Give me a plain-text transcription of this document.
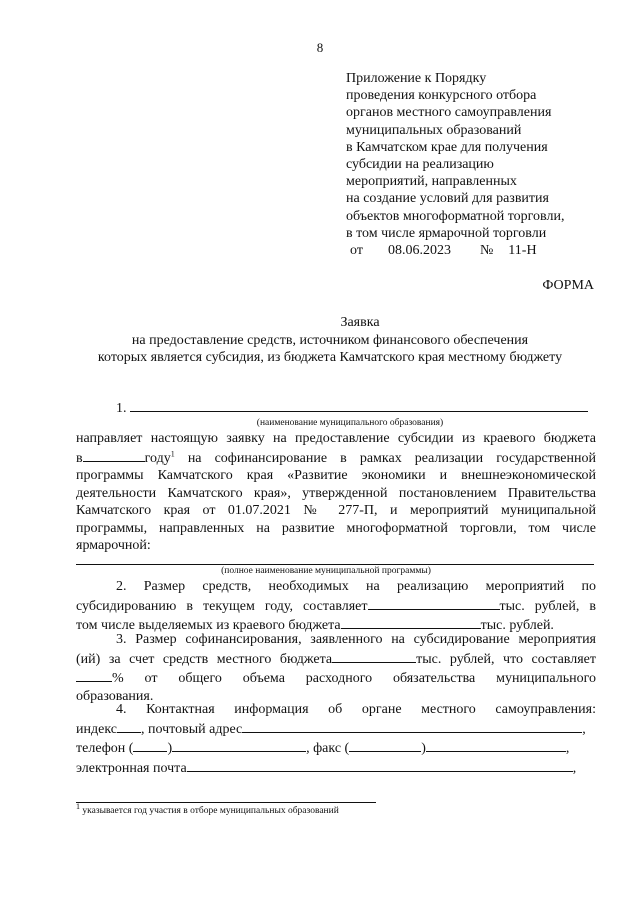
8
Приложение к Порядку
проведения конкурсного отбора
органов местного самоуправления
муниципальных образований
в Камчатском крае для получения
субсидии на реализацию
мероприятий, направленных
на создание условий для развития
объектов многоформатной торговли,
в том числе ярмарочной торговли
от 08.06.2023 № 11-Н
ФОРМА
Заявка
на предоставление средств, источником финансового обеспечения
которых является субсидия, из бюджета Камчатского края местному бюджету
1.
(наименование муниципального образования)
направляет настоящую заявку на предоставление субсидии из краевого бюджета
в	году$^1$ на софинансирование в рамках реализации государственной
программы Камчатского края «Развитие экономики и внешнеэкономической
деятельности Камчатского края», утвержденной постановлением Правительства
Камчатского края от 01.07.2021 № 277-П, и мероприятий муниципальной
программы, направленных на развитие многоформатной торговли, том числе
ярмарочной:
(полное наименование муниципальной программы)
2. Размер средств, необходимых на реализацию мероприятий по
субсидированию в текущем году, составляет	тыс. рублей, в
том числе выделяемых из краевого бюджета	тыс. рублей.
3. Размер софинансирования, заявленного на субсидирование мероприятия
(ий) за счет средств местного бюджета	тыс. рублей, что составляет
% от общего объема расходного обязательства муниципального
образования.
4. Контактная информация об органе местного самоуправления:
индекс , почтовый адрес	,
телефон ( )	, факс (	)	,
электронная почта	,
$^1$ указывается год участия в отборе муниципальных образований
